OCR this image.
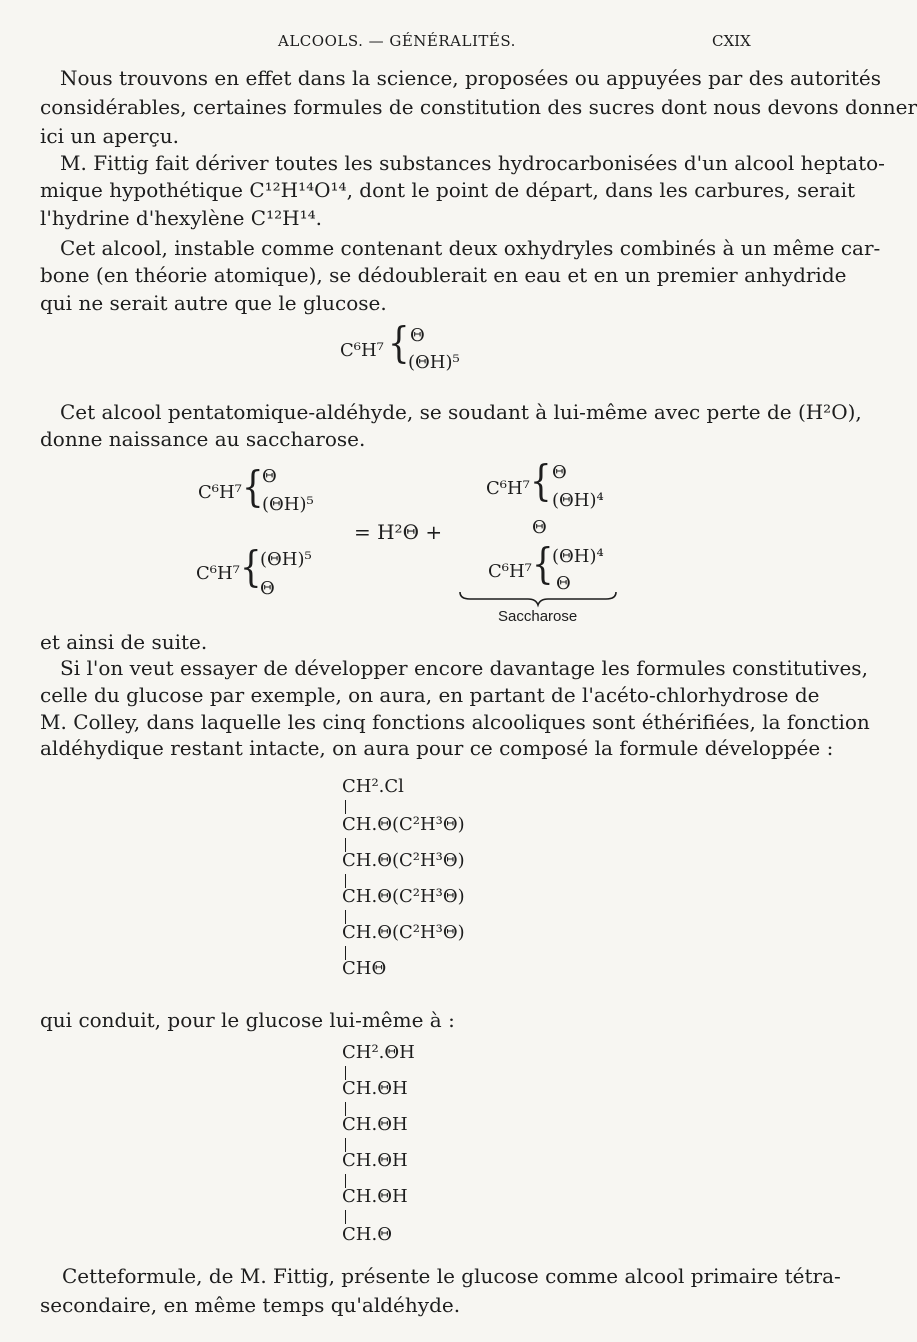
ALCOOLS. — GÉNÉRALITÉS.	CXIX
Nous trouvons en effet dans la science, proposées ou appuyées par des autorités
considérables, certaines formules de constitution des sucres dont nous devons donner
ici un aperçu.
M. Fittig fait dériver toutes les substances hydrocarbonisées d'un alcool heptato-
mique hypothétique C¹²H¹⁴O¹⁴, dont le point de départ, dans les carbures, serait
l'hydrine d'hexylène C¹²H¹⁴.
Cet alcool, instable comme contenant deux oxhydryles combinés à un même car-
bone (en théorie atomique), se dédoublerait en eau et en un premier anhydride
qui ne serait autre que le glucose.
C⁶H⁷ { Θ
(ΘH)⁵
Cet alcool pentatomique-aldéhyde, se soudant à lui-même avec perte de (H²O),
donne naissance au saccharose.
C⁶H⁷ {
Θ
(ΘH)⁵
C⁶H⁷ {
(ΘH)⁵
Θ
= H²Θ +
C⁶H⁷ { Θ
(ΘH)⁴
Θ
C⁶H⁷ {
(ΘH)⁴
Θ
Saccharose
et ainsi de suite.
Si l'on veut essayer de développer encore davantage les formules constitutives,
celle du glucose par exemple, on aura, en partant de l'acéto-chlorhydrose de
M. Colley, dans laquelle les cinq fonctions alcooliques sont éthérifiées, la fonction
aldéhydique restant intacte, on aura pour ce composé la formule développée :
CH².Cl
CH.Θ(C²H³Θ)
CH.Θ(C²H³Θ)
CH.Θ(C²H³Θ)
CH.Θ(C²H³Θ)
CHΘ
qui conduit, pour le glucose lui-même à :
CH².ΘH
CH.ΘH
CH.ΘH
CH.ΘH
CH.ΘH
CH.Θ
Cetteformule, de M. Fittig, présente le glucose comme alcool primaire tétra-
secondaire, en même temps qu'aldéhyde.
